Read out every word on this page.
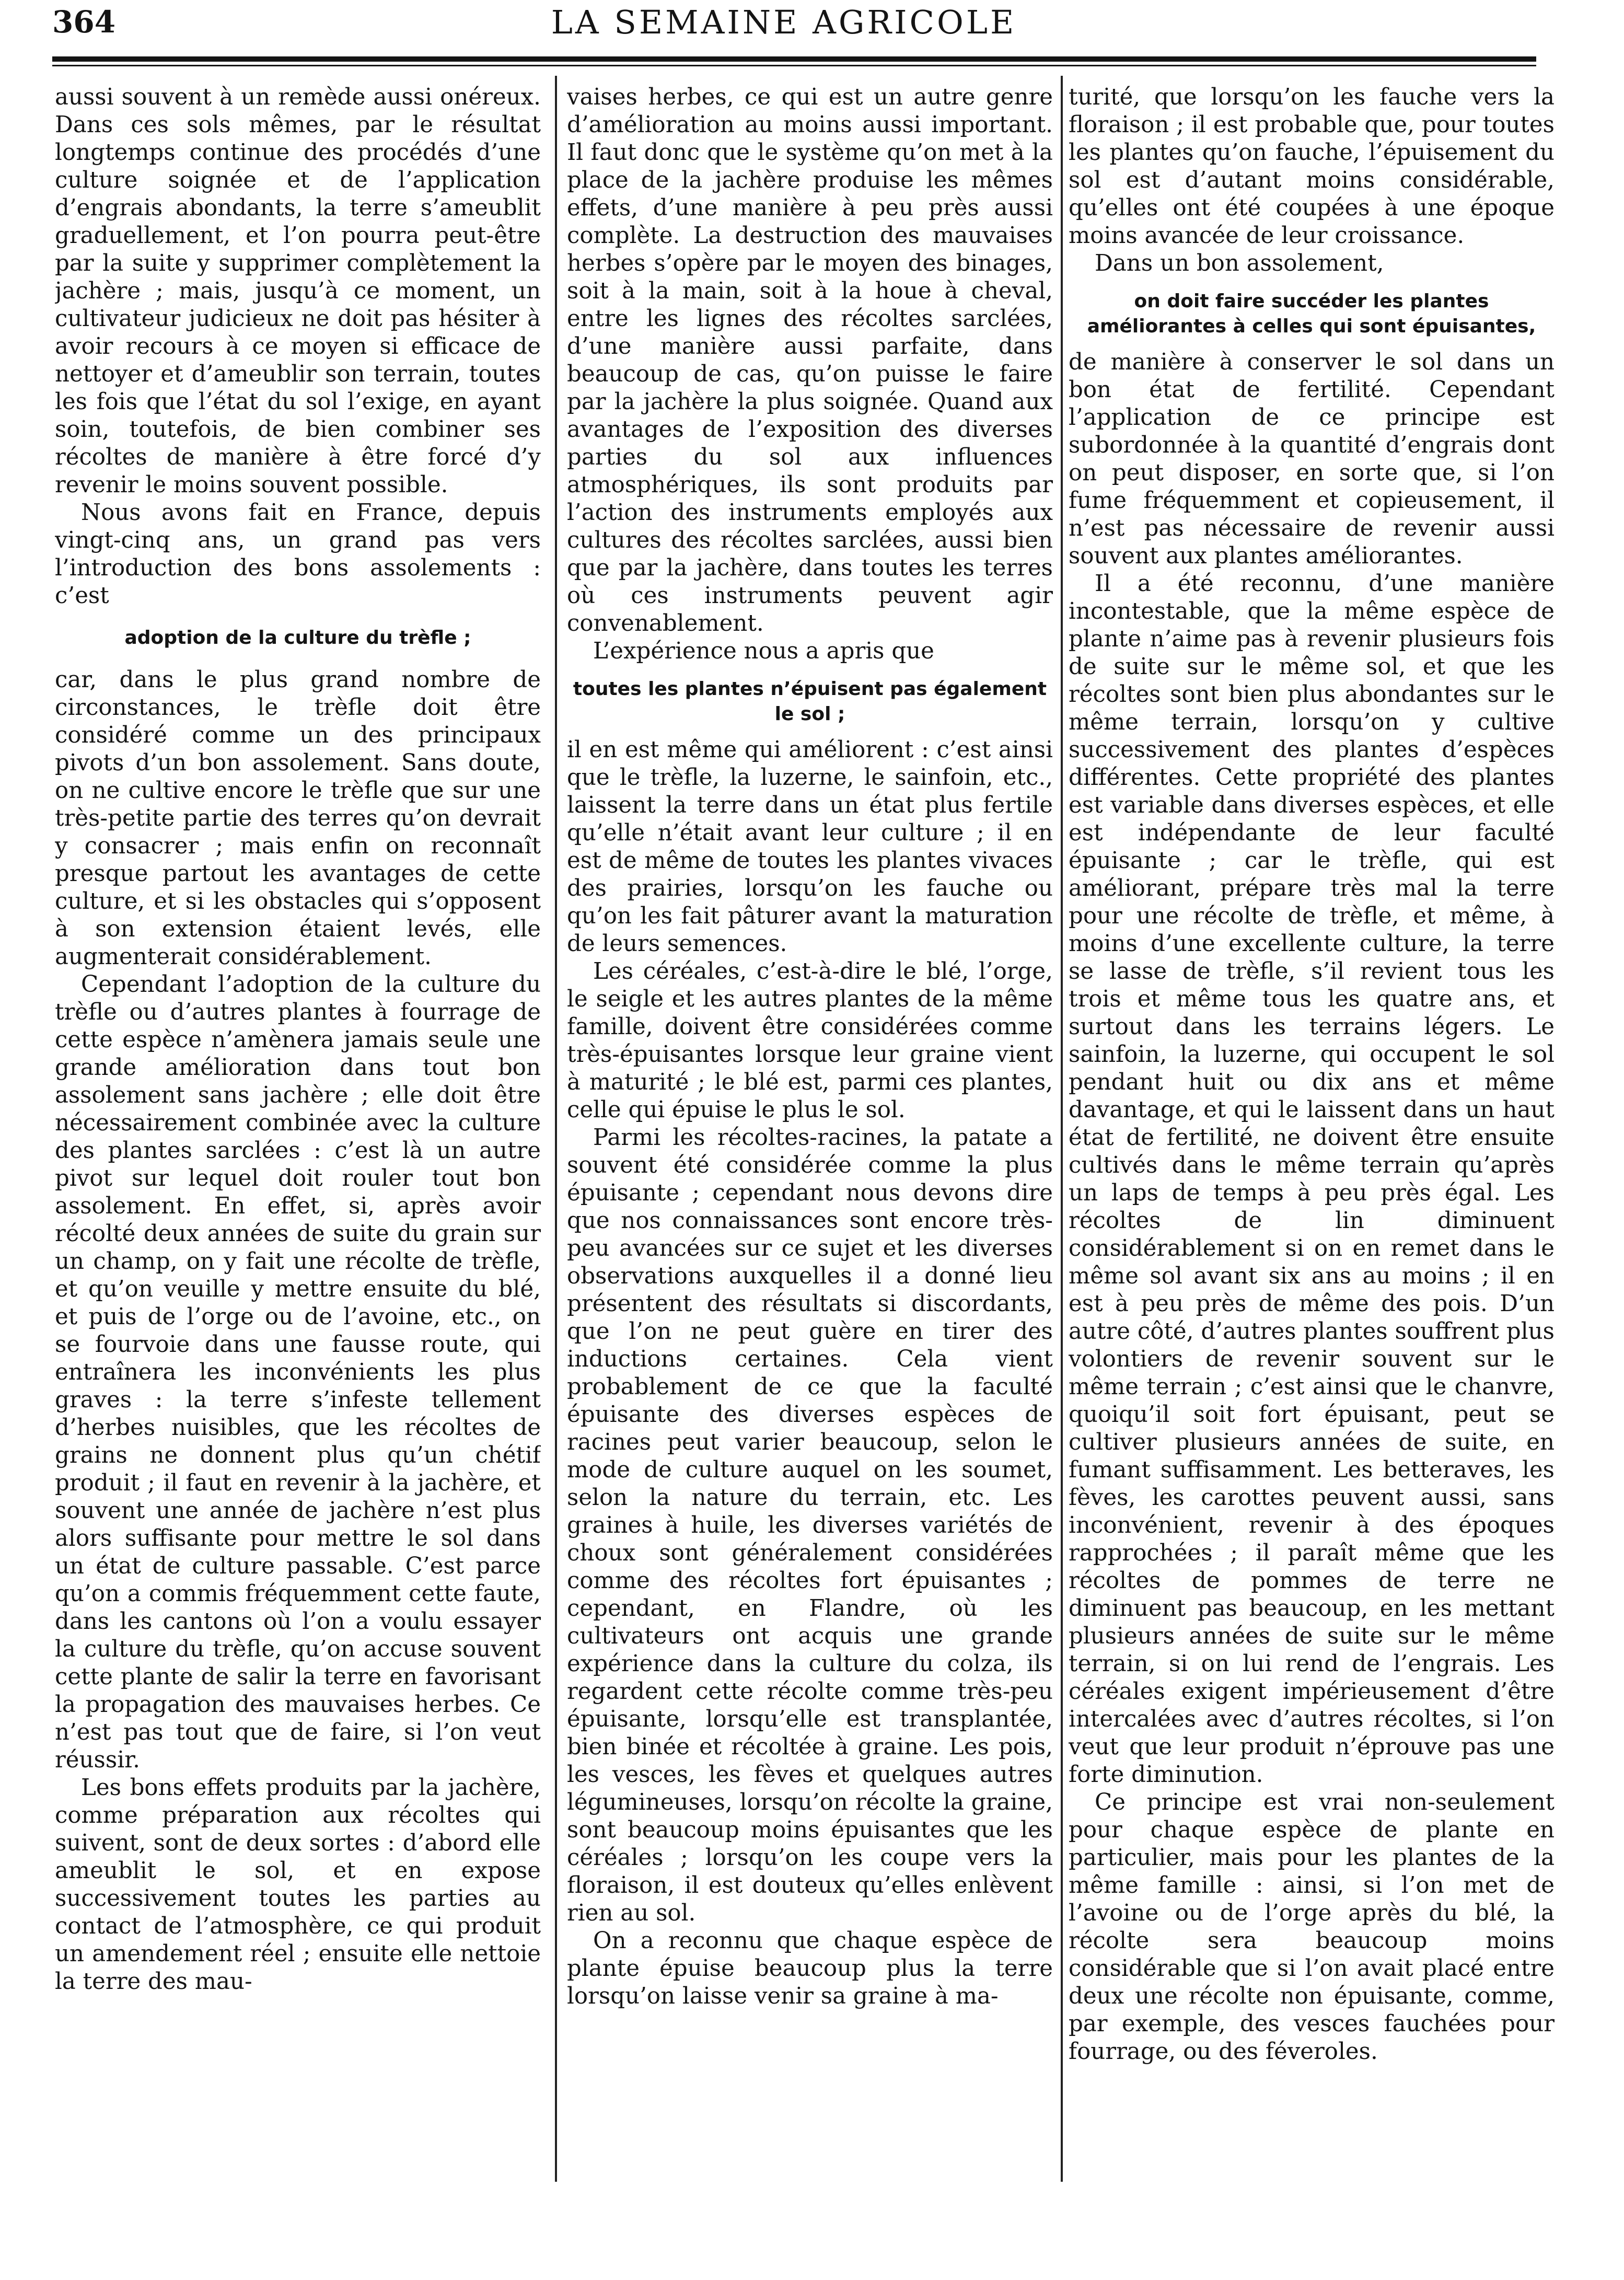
364	LA SEMAINE AGRICOLE

aussi souvent à un remède aussi onéreux. Dans ces sols mêmes, par le résultat longtemps continue des procédés d’une culture soignée et de l’application d’engrais abondants, la terre s’ameublit graduellement, et l’on pourra peut-être par la suite y supprimer complètement la jachère ; mais, jusqu’à ce moment, un cultivateur judicieux ne doit pas hésiter à avoir recours à ce moyen si efficace de nettoyer et d’ameublir son terrain, toutes les fois que l’état du sol l’exige, en ayant soin, toutefois, de bien combiner ses récoltes de manière à être forcé d’y revenir le moins souvent possible.

Nous avons fait en France, depuis vingt-cinq ans, un grand pas vers l’introduction des bons assolements : c’est

adoption de la culture du trèfle ;

car, dans le plus grand nombre de circonstances, le trèfle doit être considéré comme un des principaux pivots d’un bon assolement. Sans doute, on ne cultive encore le trèfle que sur une très-petite partie des terres qu’on devrait y consacrer ; mais enfin on reconnaît presque partout les avantages de cette culture, et si les obstacles qui s’opposent à son extension étaient levés, elle augmenterait considérablement.

Cependant l’adoption de la culture du trèfle ou d’autres plantes à fourrage de cette espèce n’amènera jamais seule une grande amélioration dans tout bon assolement sans jachère ; elle doit être nécessairement combinée avec la culture des plantes sarclées : c’est là un autre pivot sur lequel doit rouler tout bon assolement. En effet, si, après avoir récolté deux années de suite du grain sur un champ, on y fait une récolte de trèfle, et qu’on veuille y mettre ensuite du blé, et puis de l’orge ou de l’avoine, etc., on se fourvoie dans une fausse route, qui entraînera les inconvénients les plus graves : la terre s’infeste tellement d’herbes nuisibles, que les récoltes de grains ne donnent plus qu’un chétif produit ; il faut en revenir à la jachère, et souvent une année de jachère n’est plus alors suffisante pour mettre le sol dans un état de culture passable. C’est parce qu’on a commis fréquemment cette faute, dans les cantons où l’on a voulu essayer la culture du trèfle, qu’on accuse souvent cette plante de salir la terre en favorisant la propagation des mauvaises herbes. Ce n’est pas tout que de faire, si l’on veut réussir.

Les bons effets produits par la jachère, comme préparation aux récoltes qui suivent, sont de deux sortes : d’abord elle ameublit le sol, et en expose successivement toutes les parties au contact de l’atmosphère, ce qui produit un amendement réel ; ensuite elle nettoie la terre des mau-

vaises herbes, ce qui est un autre genre d’amélioration au moins aussi important. Il faut donc que le système qu’on met à la place de la jachère produise les mêmes effets, d’une manière à peu près aussi complète. La destruction des mauvaises herbes s’opère par le moyen des binages, soit à la main, soit à la houe à cheval, entre les lignes des récoltes sarclées, d’une manière aussi parfaite, dans beaucoup de cas, qu’on puisse le faire par la jachère la plus soignée. Quand aux avantages de l’exposition des diverses parties du sol aux influences atmosphériques, ils sont produits par l’action des instruments employés aux cultures des récoltes sarclées, aussi bien que par la jachère, dans toutes les terres où ces instruments peuvent agir convenablement.

L’expérience nous a apris que

toutes les plantes n’épuisent pas également le sol ;

il en est même qui améliorent : c’est ainsi que le trèfle, la luzerne, le sainfoin, etc., laissent la terre dans un état plus fertile qu’elle n’était avant leur culture ; il en est de même de toutes les plantes vivaces des prairies, lorsqu’on les fauche ou qu’on les fait pâturer avant la maturation de leurs semences.

Les céréales, c’est-à-dire le blé, l’orge, le seigle et les autres plantes de la même famille, doivent être considérées comme très-épuisantes lorsque leur graine vient à maturité ; le blé est, parmi ces plantes, celle qui épuise le plus le sol.

Parmi les récoltes-racines, la patate a souvent été considérée comme la plus épuisante ; cependant nous devons dire que nos connaissances sont encore très-peu avancées sur ce sujet et les diverses observations auxquelles il a donné lieu présentent des résultats si discordants, que l’on ne peut guère en tirer des inductions certaines. Cela vient probablement de ce que la faculté épuisante des diverses espèces de racines peut varier beaucoup, selon le mode de culture auquel on les soumet, selon la nature du terrain, etc. Les graines à huile, les diverses variétés de choux sont généralement considérées comme des récoltes fort épuisantes ; cependant, en Flandre, où les cultivateurs ont acquis une grande expérience dans la culture du colza, ils regardent cette récolte comme très-peu épuisante, lorsqu’elle est transplantée, bien binée et récoltée à graine. Les pois, les vesces, les fèves et quelques autres légumineuses, lorsqu’on récolte la graine, sont beaucoup moins épuisantes que les céréales ; lorsqu’on les coupe vers la floraison, il est douteux qu’elles enlèvent rien au sol.

On a reconnu que chaque espèce de plante épuise beaucoup plus la terre lorsqu’on laisse venir sa graine à ma-

turité, que lorsqu’on les fauche vers la floraison ; il est probable que, pour toutes les plantes qu’on fauche, l’épuisement du sol est d’autant moins considérable, qu’elles ont été coupées à une époque moins avancée de leur croissance.

Dans un bon assolement,

on doit faire succéder les plantes améliorantes à celles qui sont épuisantes,

de manière à conserver le sol dans un bon état de fertilité. Cependant l’application de ce principe est subordonnée à la quantité d’engrais dont on peut disposer, en sorte que, si l’on fume fréquemment et copieusement, il n’est pas nécessaire de revenir aussi souvent aux plantes améliorantes.

Il a été reconnu, d’une manière incontestable, que la même espèce de plante n’aime pas à revenir plusieurs fois de suite sur le même sol, et que les récoltes sont bien plus abondantes sur le même terrain, lorsqu’on y cultive successivement des plantes d’espèces différentes. Cette propriété des plantes est variable dans diverses espèces, et elle est indépendante de leur faculté épuisante ; car le trèfle, qui est améliorant, prépare très mal la terre pour une récolte de trèfle, et même, à moins d’une excellente culture, la terre se lasse de trèfle, s’il revient tous les trois et même tous les quatre ans, et surtout dans les terrains légers. Le sainfoin, la luzerne, qui occupent le sol pendant huit ou dix ans et même davantage, et qui le laissent dans un haut état de fertilité, ne doivent être ensuite cultivés dans le même terrain qu’après un laps de temps à peu près égal. Les récoltes de lin diminuent considérablement si on en remet dans le même sol avant six ans au moins ; il en est à peu près de même des pois. D’un autre côté, d’autres plantes souffrent plus volontiers de revenir souvent sur le même terrain ; c’est ainsi que le chanvre, quoiqu’il soit fort épuisant, peut se cultiver plusieurs années de suite, en fumant suffisamment. Les betteraves, les fèves, les carottes peuvent aussi, sans inconvénient, revenir à des époques rapprochées ; il paraît même que les récoltes de pommes de terre ne diminuent pas beaucoup, en les mettant plusieurs années de suite sur le même terrain, si on lui rend de l’engrais. Les céréales exigent impérieusement d’être intercalées avec d’autres récoltes, si l’on veut que leur produit n’éprouve pas une forte diminution.

Ce principe est vrai non-seulement pour chaque espèce de plante en particulier, mais pour les plantes de la même famille : ainsi, si l’on met de l’avoine ou de l’orge après du blé, la récolte sera beaucoup moins considérable que si l’on avait placé entre deux une récolte non épuisante, comme, par exemple, des vesces fauchées pour fourrage, ou des féveroles.
